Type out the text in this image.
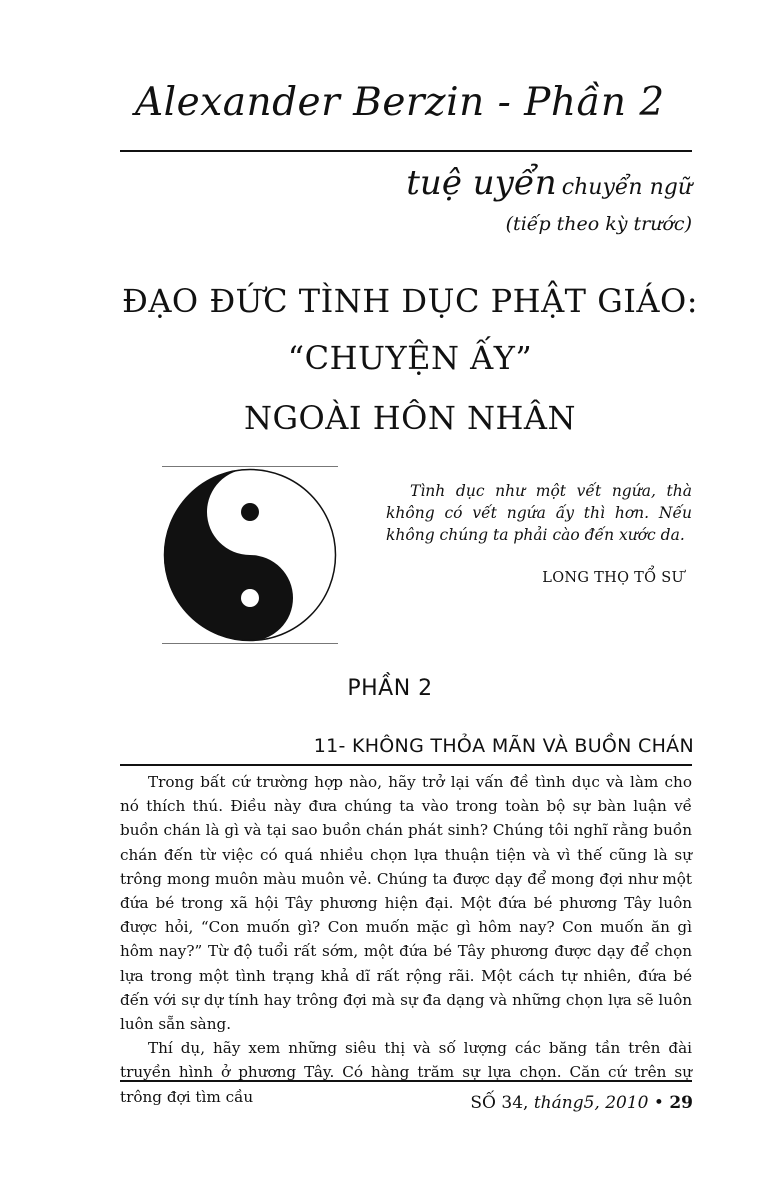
Alexander Berzin - Phần 2
tuệ uyển chuyển ngữ
(tiếp theo kỳ trước)
ĐẠO ĐỨC TÌNH DỤC PHẬT GIÁO:
“CHUYỆN ẤY”
NGOÀI HÔN NHÂN
Tình dục như một vết ngứa, thà không có vết ngứa ấy thì hơn. Nếu không chúng ta phải cào đến xước da.
LONG THỌ TỔ SƯ
PHẦN 2
11- KHÔNG THỎA MÃN VÀ BUỒN CHÁN

Trong bất cứ trường hợp nào, hãy trở lại vấn đề tình dục và làm cho nó thích thú. Điều này đưa chúng ta vào trong toàn bộ sự bàn luận về buồn chán là gì và tại sao buồn chán phát sinh? Chúng tôi nghĩ rằng buồn chán đến từ việc có quá nhiều chọn lựa thuận tiện và vì thế cũng là sự trông mong muôn màu muôn vẻ. Chúng ta được dạy để mong đợi như một đứa bé trong xã hội Tây phương hiện đại. Một đứa bé phương Tây luôn được hỏi, “Con muốn gì? Con muốn mặc gì hôm nay? Con muốn ăn gì hôm nay?” Từ độ tuổi rất sớm, một đứa bé Tây phương được dạy để chọn lựa trong một tình trạng khả dĩ rất rộng rãi. Một cách tự nhiên, đứa bé đến với sự dự tính hay trông đợi mà sự đa dạng và những chọn lựa sẽ luôn luôn sẵn sàng.

Thí dụ, hãy xem những siêu thị và số lượng các băng tần trên đài truyền hình ở phương Tây. Có hàng trăm sự lựa chọn. Căn cứ trên sự trông đợi tìm cầu	SỐ 34, tháng5, 2010 • 29
